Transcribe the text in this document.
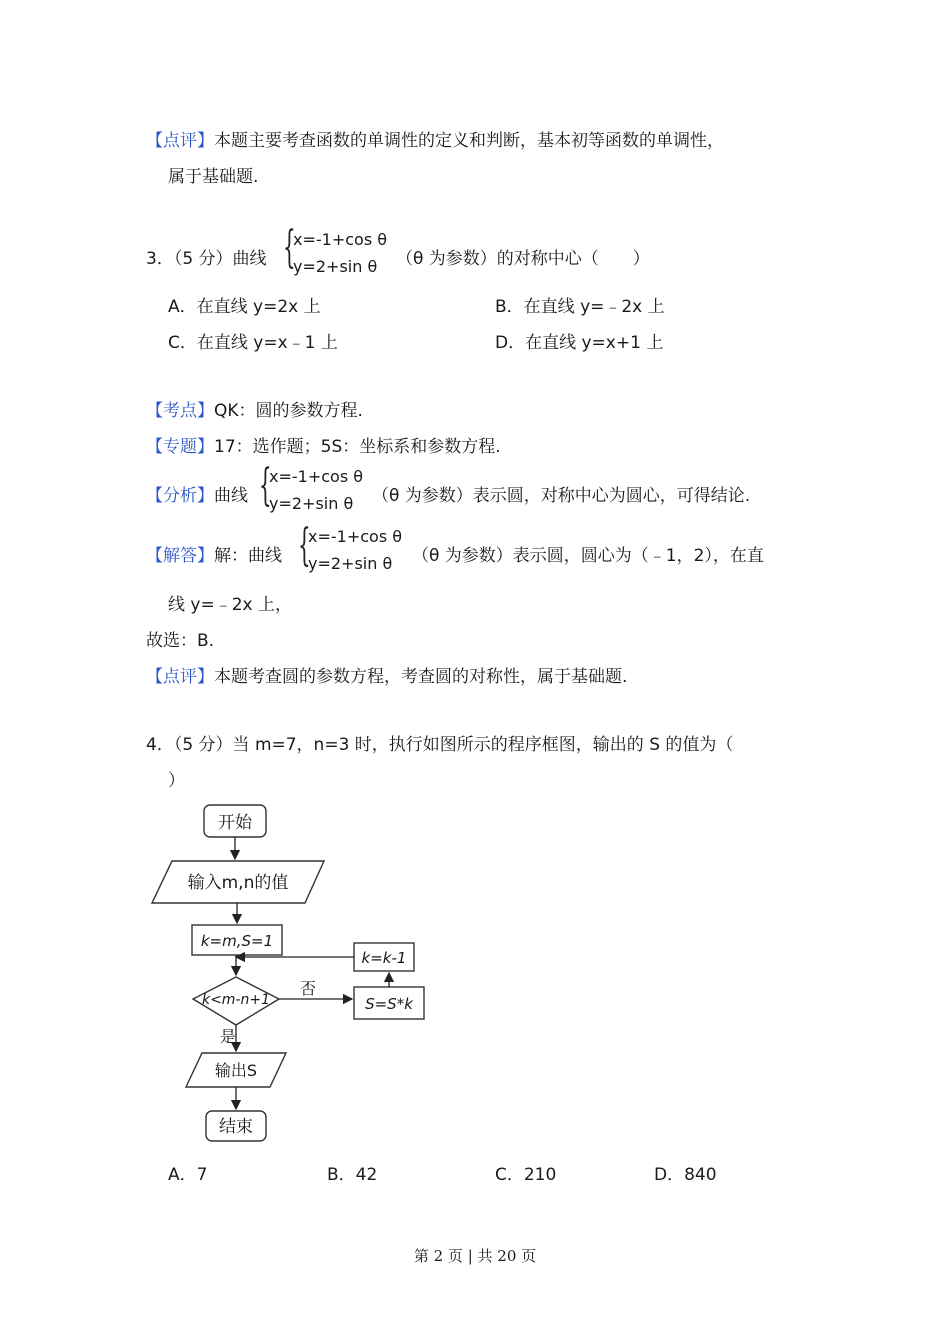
【点评】本题主要考查函数的单调性的定义和判断，基本初等函数的单调性，
属于基础题.
3．（5 分）曲线 {
x=-1+cos θ
y=2+sin θ （θ 为参数）的对称中心（　　）
A．在直线 y=2x 上	B．在直线 y=﹣2x 上
C．在直线 y=x﹣1 上	D．在直线 y=x+1 上
【考点】QK：圆的参数方程.
【专题】17：选作题；5S：坐标系和参数方程.
【分析】曲线 {
x=-1+cos θ
y=2+sin θ （θ 为参数）表示圆，对称中心为圆心，可得结论.
【解答】解：曲线 {
x=-1+cos θ
y=2+sin θ （θ 为参数）表示圆，圆心为（﹣1，2），在直
线 y=﹣2x 上，
故选：B.
【点评】本题考查圆的参数方程，考查圆的对称性，属于基础题.
4．（5 分）当 m=7，n=3 时，执行如图所示的程序框图，输出的 S 的值为（
）
开始
输入m,n的值
k=m,S=1
k<m-n+1
否
是
S=S*k
k=k-1
输出S
结束
A．7	B．42	C．210	D．840
第 2 页 | 共 20 页
